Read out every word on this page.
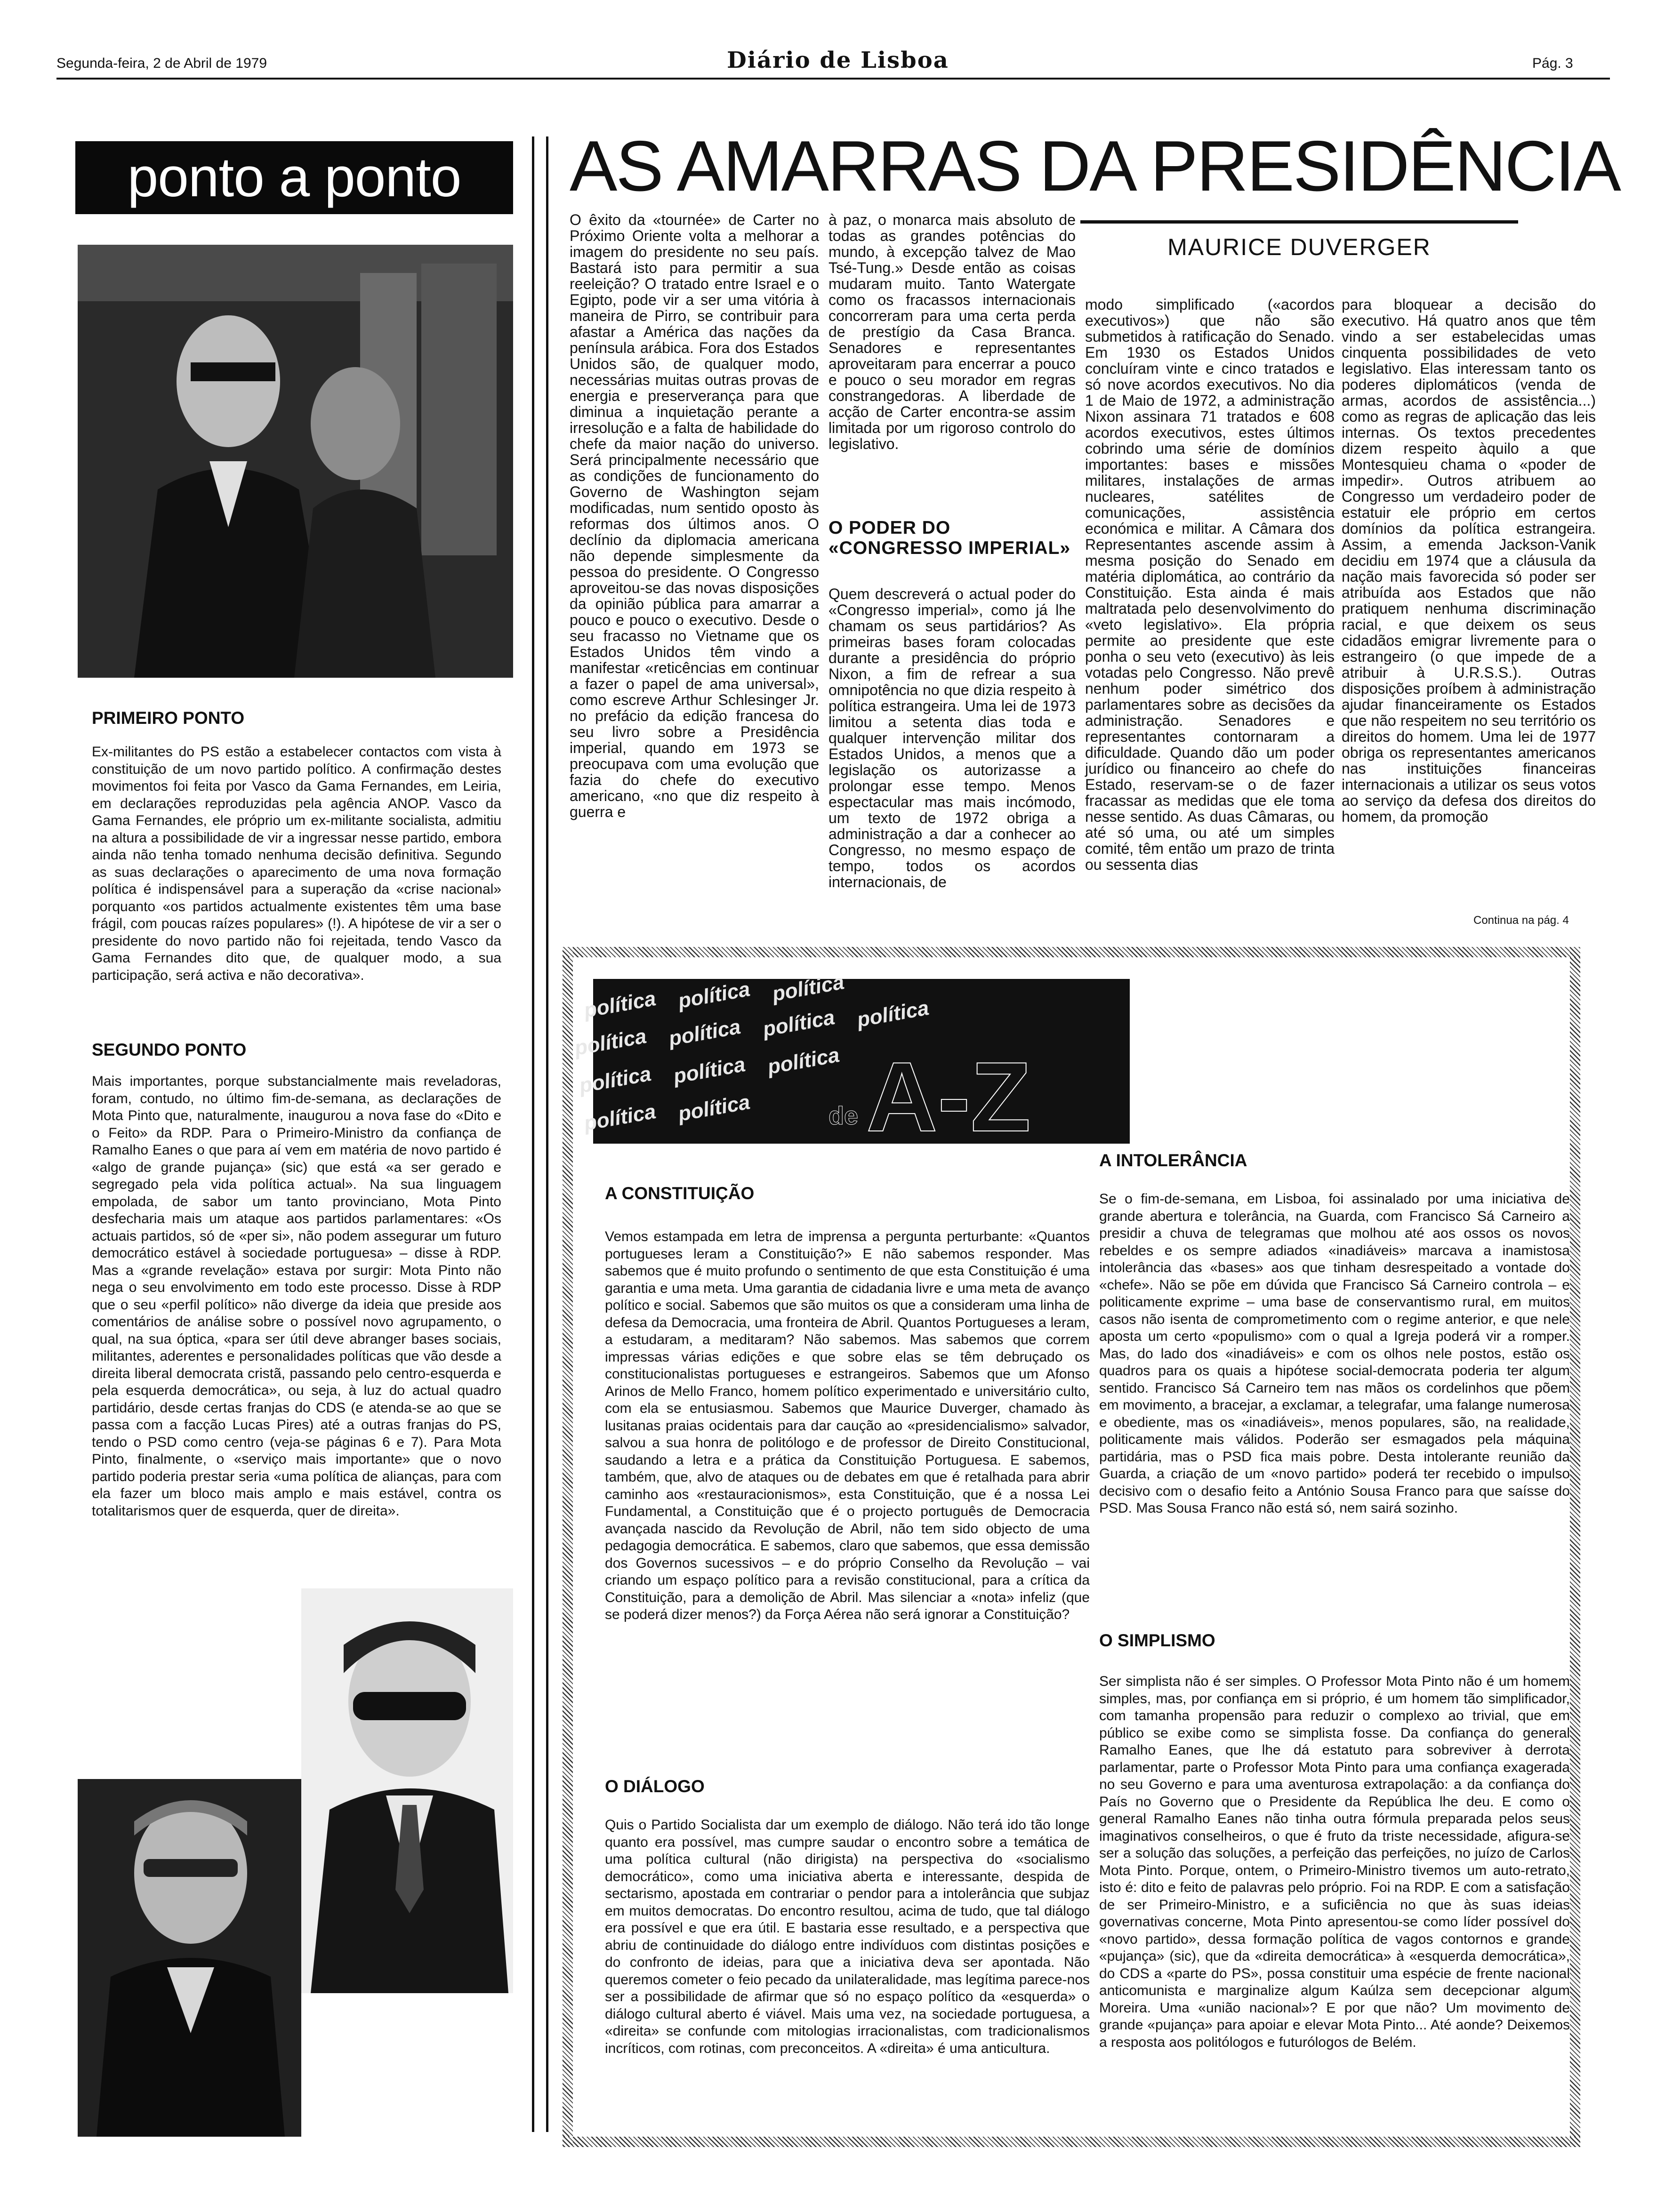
Segunda-feira, 2 de Abril de 1979	Diário de Lisboa	Pág. 3
ponto a ponto
PRIMEIRO PONTO
Ex-militantes do PS estão a estabelecer contactos com vista à constituição de um novo partido político. A confirmação destes movimentos foi feita por Vasco da Gama Fernandes, em Leiria, em declarações reproduzidas pela agência ANOP. Vasco da Gama Fernandes, ele próprio um ex-militante socialista, admitiu na altura a possibilidade de vir a ingressar nesse partido, embora ainda não tenha tomado nenhuma decisão definitiva. Segundo as suas declarações o aparecimento de uma nova formação política é indispensável para a superação da «crise nacional» porquanto «os partidos actualmente existentes têm uma base frágil, com poucas raízes populares» (!). A hipótese de vir a ser o presidente do novo partido não foi rejeitada, tendo Vasco da Gama Fernandes dito que, de qualquer modo, a sua participação, será activa e não decorativa».
SEGUNDO PONTO
Mais importantes, porque substancialmente mais reveladoras, foram, contudo, no último fim-de-semana, as declarações de Mota Pinto que, naturalmente, inaugurou a nova fase do «Dito e o Feito» da RDP. Para o Primeiro-Ministro da confiança de Ramalho Eanes o que para aí vem em matéria de novo partido é «algo de grande pujança» (sic) que está «a ser gerado e segregado pela vida política actual». Na sua linguagem empolada, de sabor um tanto provinciano, Mota Pinto desfecharia mais um ataque aos partidos parlamentares: «Os actuais partidos, só de «per si», não podem assegurar um futuro democrático estável à sociedade portuguesa» – disse à RDP. Mas a «grande revelação» estava por surgir: Mota Pinto não nega o seu envolvimento em todo este processo. Disse à RDP que o seu «perfil político» não diverge da ideia que preside aos comentários de análise sobre o possível novo agrupamento, o qual, na sua óptica, «para ser útil deve abranger bases sociais, militantes, aderentes e personalidades políticas que vão desde a direita liberal democrata cristã, passando pelo centro-esquerda e pela esquerda democrática», ou seja, à luz do actual quadro partidário, desde certas franjas do CDS (e atenda-se ao que se passa com a facção Lucas Pires) até a outras franjas do PS, tendo o PSD como centro (veja-se páginas 6 e 7). Para Mota Pinto, finalmente, o «serviço mais importante» que o novo partido poderia prestar seria «uma política de alianças, para com ela fazer um bloco mais amplo e mais estável, contra os totalitarismos quer de esquerda, quer de direita».
AS AMARRAS DA PRESIDÊNCIA
MAURICE DUVERGER
O êxito da «tournée» de Carter no Próximo Oriente volta a melhorar a imagem do presidente no seu país. Bastará isto para permitir a sua reeleição? O tratado entre Israel e o Egipto, pode vir a ser uma vitória à maneira de Pirro, se contribuir para afastar a América das nações da península arábica. Fora dos Estados Unidos são, de qualquer modo, necessárias muitas outras provas de energia e preserverança para que diminua a inquietação perante a irresolução e a falta de habilidade do chefe da maior nação do universo. Será principalmente necessário que as condições de funcionamento do Governo de Washington sejam modificadas, num sentido oposto às reformas dos últimos anos. O declínio da diplomacia americana não depende simplesmente da pessoa do presidente. O Congresso aproveitou-se das novas disposições da opinião pública para amarrar a pouco e pouco o executivo. Desde o seu fracasso no Vietname que os Estados Unidos têm vindo a manifestar «reticências em continuar a fazer o papel de ama universal», como escreve Arthur Schlesinger Jr. no prefácio da edição francesa do seu livro sobre a Presidência imperial, quando em 1973 se preocupava com uma evolução que fazia do chefe do executivo americano, «no que diz respeito à guerra e
à paz, o monarca mais absoluto de todas as grandes potências do mundo, à excepção talvez de Mao Tsé-Tung.» Desde então as coisas mudaram muito. Tanto Watergate como os fracassos internacionais concorreram para uma certa perda de prestígio da Casa Branca. Senadores e representantes aproveitaram para encerrar a pouco e pouco o seu morador em regras constrangedoras. A liberdade de acção de Carter encontra-se assim limitada por um rigoroso controlo do legislativo.
O PODER DO «CONGRESSO IMPERIAL»
Quem descreverá o actual poder do «Congresso imperial», como já lhe chamam os seus partidários? As primeiras bases foram colocadas durante a presidência do próprio Nixon, a fim de refrear a sua omnipotência no que dizia respeito à política estrangeira. Uma lei de 1973 limitou a setenta dias toda e qualquer intervenção militar dos Estados Unidos, a menos que a legislação os autorizasse a prolongar esse tempo. Menos espectacular mas mais incómodo, um texto de 1972 obriga a administração a dar a conhecer ao Congresso, no mesmo espaço de tempo, todos os acordos internacionais, de
modo simplificado («acordos executivos») que não são submetidos à ratificação do Senado. Em 1930 os Estados Unidos concluíram vinte e cinco tratados e só nove acordos executivos. No dia 1 de Maio de 1972, a administração Nixon assinara 71 tratados e 608 acordos executivos, estes últimos cobrindo uma série de domínios importantes: bases e missões militares, instalações de armas nucleares, satélites de comunicações, assistência económica e militar. A Câmara dos Representantes ascende assim à mesma posição do Senado em matéria diplomática, ao contrário da Constituição. Esta ainda é mais maltratada pelo desenvolvimento do «veto legislativo». Ela própria permite ao presidente que este ponha o seu veto (executivo) às leis votadas pelo Congresso. Não prevê nenhum poder simétrico dos parlamentares sobre as decisões da administração. Senadores e representantes contornaram a dificuldade. Quando dão um poder jurídico ou financeiro ao chefe do Estado, reservam-se o de fazer fracassar as medidas que ele toma nesse sentido. As duas Câmaras, ou até só uma, ou até um simples comité, têm então um prazo de trinta ou sessenta dias
para bloquear a decisão do executivo. Há quatro anos que têm vindo a ser estabelecidas umas cinquenta possibilidades de veto legislativo. Elas interessam tanto os poderes diplomáticos (venda de armas, acordos de assistência...) como as regras de aplicação das leis internas. Os textos precedentes dizem respeito àquilo a que Montesquieu chama o «poder de impedir». Outros atribuem ao Congresso um verdadeiro poder de estatuir ele próprio em certos domínios da política estrangeira. Assim, a emenda Jackson-Vanik decidiu em 1974 que a cláusula da nação mais favorecida só poder ser atribuída aos Estados que não pratiquem nenhuma discriminação racial, e que deixem os seus cidadãos emigrar livremente para o estrangeiro (o que impede de a atribuir à U.R.S.S.). Outras disposições proíbem à administração ajudar financeiramente os Estados que não respeitem no seu território os direitos do homem. Uma lei de 1977 obriga os representantes americanos nas instituições financeiras internacionais a utilizar os seus votos ao serviço da defesa dos direitos do homem, da promoção
Continua na pág. 4
política política política
política política política política
política política política
política política A-Z
de
A CONSTITUIÇÃO
Vemos estampada em letra de imprensa a pergunta perturbante: «Quantos portugueses leram a Constituição?» E não sabemos responder. Mas sabemos que é muito profundo o sentimento de que esta Constituição é uma garantia e uma meta. Uma garantia de cidadania livre e uma meta de avanço político e social. Sabemos que são muitos os que a consideram uma linha de defesa da Democracia, uma fronteira de Abril. Quantos Portugueses a leram, a estudaram, a meditaram? Não sabemos. Mas sabemos que correm impressas várias edições e que sobre elas se têm debruçado os constitucionalistas portugueses e estrangeiros. Sabemos que um Afonso Arinos de Mello Franco, homem político experimentado e universitário culto, com ela se entusiasmou. Sabemos que Maurice Duverger, chamado às lusitanas praias ocidentais para dar caução ao «presidencialismo» salvador, salvou a sua honra de politólogo e de professor de Direito Constitucional, saudando a letra e a prática da Constituição Portuguesa. E sabemos, também, que, alvo de ataques ou de debates em que é retalhada para abrir caminho aos «restauracionismos», esta Constituição, que é a nossa Lei Fundamental, a Constituição que é o projecto português de Democracia avançada nascido da Revolução de Abril, não tem sido objecto de uma pedagogia democrática. E sabemos, claro que sabemos, que essa demissão dos Governos sucessivos – e do próprio Conselho da Revolução – vai criando um espaço político para a revisão constitucional, para a crítica da Constituição, para a demolição de Abril. Mas silenciar a «nota» infeliz (que se poderá dizer menos?) da Força Aérea não será ignorar a Constituição?
O DIÁLOGO
Quis o Partido Socialista dar um exemplo de diálogo. Não terá ido tão longe quanto era possível, mas cumpre saudar o encontro sobre a temática de uma política cultural (não dirigista) na perspectiva do «socialismo democrático», como uma iniciativa aberta e interessante, despida de sectarismo, apostada em contrariar o pendor para a intolerância que subjaz em muitos democratas. Do encontro resultou, acima de tudo, que tal diálogo era possível e que era útil. E bastaria esse resultado, e a perspectiva que abriu de continuidade do diálogo entre indivíduos com distintas posições e do confronto de ideias, para que a iniciativa deva ser apontada. Não queremos cometer o feio pecado da unilateralidade, mas legítima parece-nos ser a possibilidade de afirmar que só no espaço político da «esquerda» o diálogo cultural aberto é viável. Mais uma vez, na sociedade portuguesa, a «direita» se confunde com mitologias irracionalistas, com tradicionalismos incríticos, com rotinas, com preconceitos. A «direita» é uma anticultura.
A INTOLERÂNCIA
Se o fim-de-semana, em Lisboa, foi assinalado por uma iniciativa de grande abertura e tolerância, na Guarda, com Francisco Sá Carneiro a presidir a chuva de telegramas que molhou até aos ossos os novos rebeldes e os sempre adiados «inadiáveis» marcava a inamistosa intolerância das «bases» aos que tinham desrespeitado a vontade do «chefe». Não se põe em dúvida que Francisco Sá Carneiro controla – e politicamente exprime – uma base de conservantismo rural, em muitos casos não isenta de comprometimento com o regime anterior, e que nele aposta um certo «populismo» com o qual a Igreja poderá vir a romper. Mas, do lado dos «inadiáveis» e com os olhos nele postos, estão os quadros para os quais a hipótese social-democrata poderia ter algum sentido. Francisco Sá Carneiro tem nas mãos os cordelinhos que põem em movimento, a bracejar, a exclamar, a telegrafar, uma falange numerosa e obediente, mas os «inadiáveis», menos populares, são, na realidade, politicamente mais válidos. Poderão ser esmagados pela máquina partidária, mas o PSD fica mais pobre. Desta intolerante reunião da Guarda, a criação de um «novo partido» poderá ter recebido o impulso decisivo com o desafio feito a António Sousa Franco para que saísse do PSD. Mas Sousa Franco não está só, nem sairá sozinho.
O SIMPLISMO
Ser simplista não é ser simples. O Professor Mota Pinto não é um homem simples, mas, por confiança em si próprio, é um homem tão simplificador, com tamanha propensão para reduzir o complexo ao trivial, que em público se exibe como se simplista fosse. Da confiança do general Ramalho Eanes, que lhe dá estatuto para sobreviver à derrota parlamentar, parte o Professor Mota Pinto para uma confiança exagerada no seu Governo e para uma aventurosa extrapolação: a da confiança do País no Governo que o Presidente da República lhe deu. E como o general Ramalho Eanes não tinha outra fórmula preparada pelos seus imaginativos conselheiros, o que é fruto da triste necessidade, afigura-se ser a solução das soluções, a perfeição das perfeições, no juízo de Carlos Mota Pinto. Porque, ontem, o Primeiro-Ministro tivemos um auto-retrato, isto é: dito e feito de palavras pelo próprio. Foi na RDP. E com a satisfação de ser Primeiro-Ministro, e a suficiência no que às suas ideias governativas concerne, Mota Pinto apresentou-se como líder possível do «novo partido», dessa formação política de vagos contornos e grande «pujança» (sic), que da «direita democrática» à «esquerda democrática», do CDS a «parte do PS», possa constituir uma espécie de frente nacional anticomunista e marginalize algum Kaúlza sem decepcionar algum Moreira. Uma «união nacional»? E por que não? Um movimento de grande «pujança» para apoiar e elevar Mota Pinto... Até aonde? Deixemos a resposta aos politólogos e futurólogos de Belém.
